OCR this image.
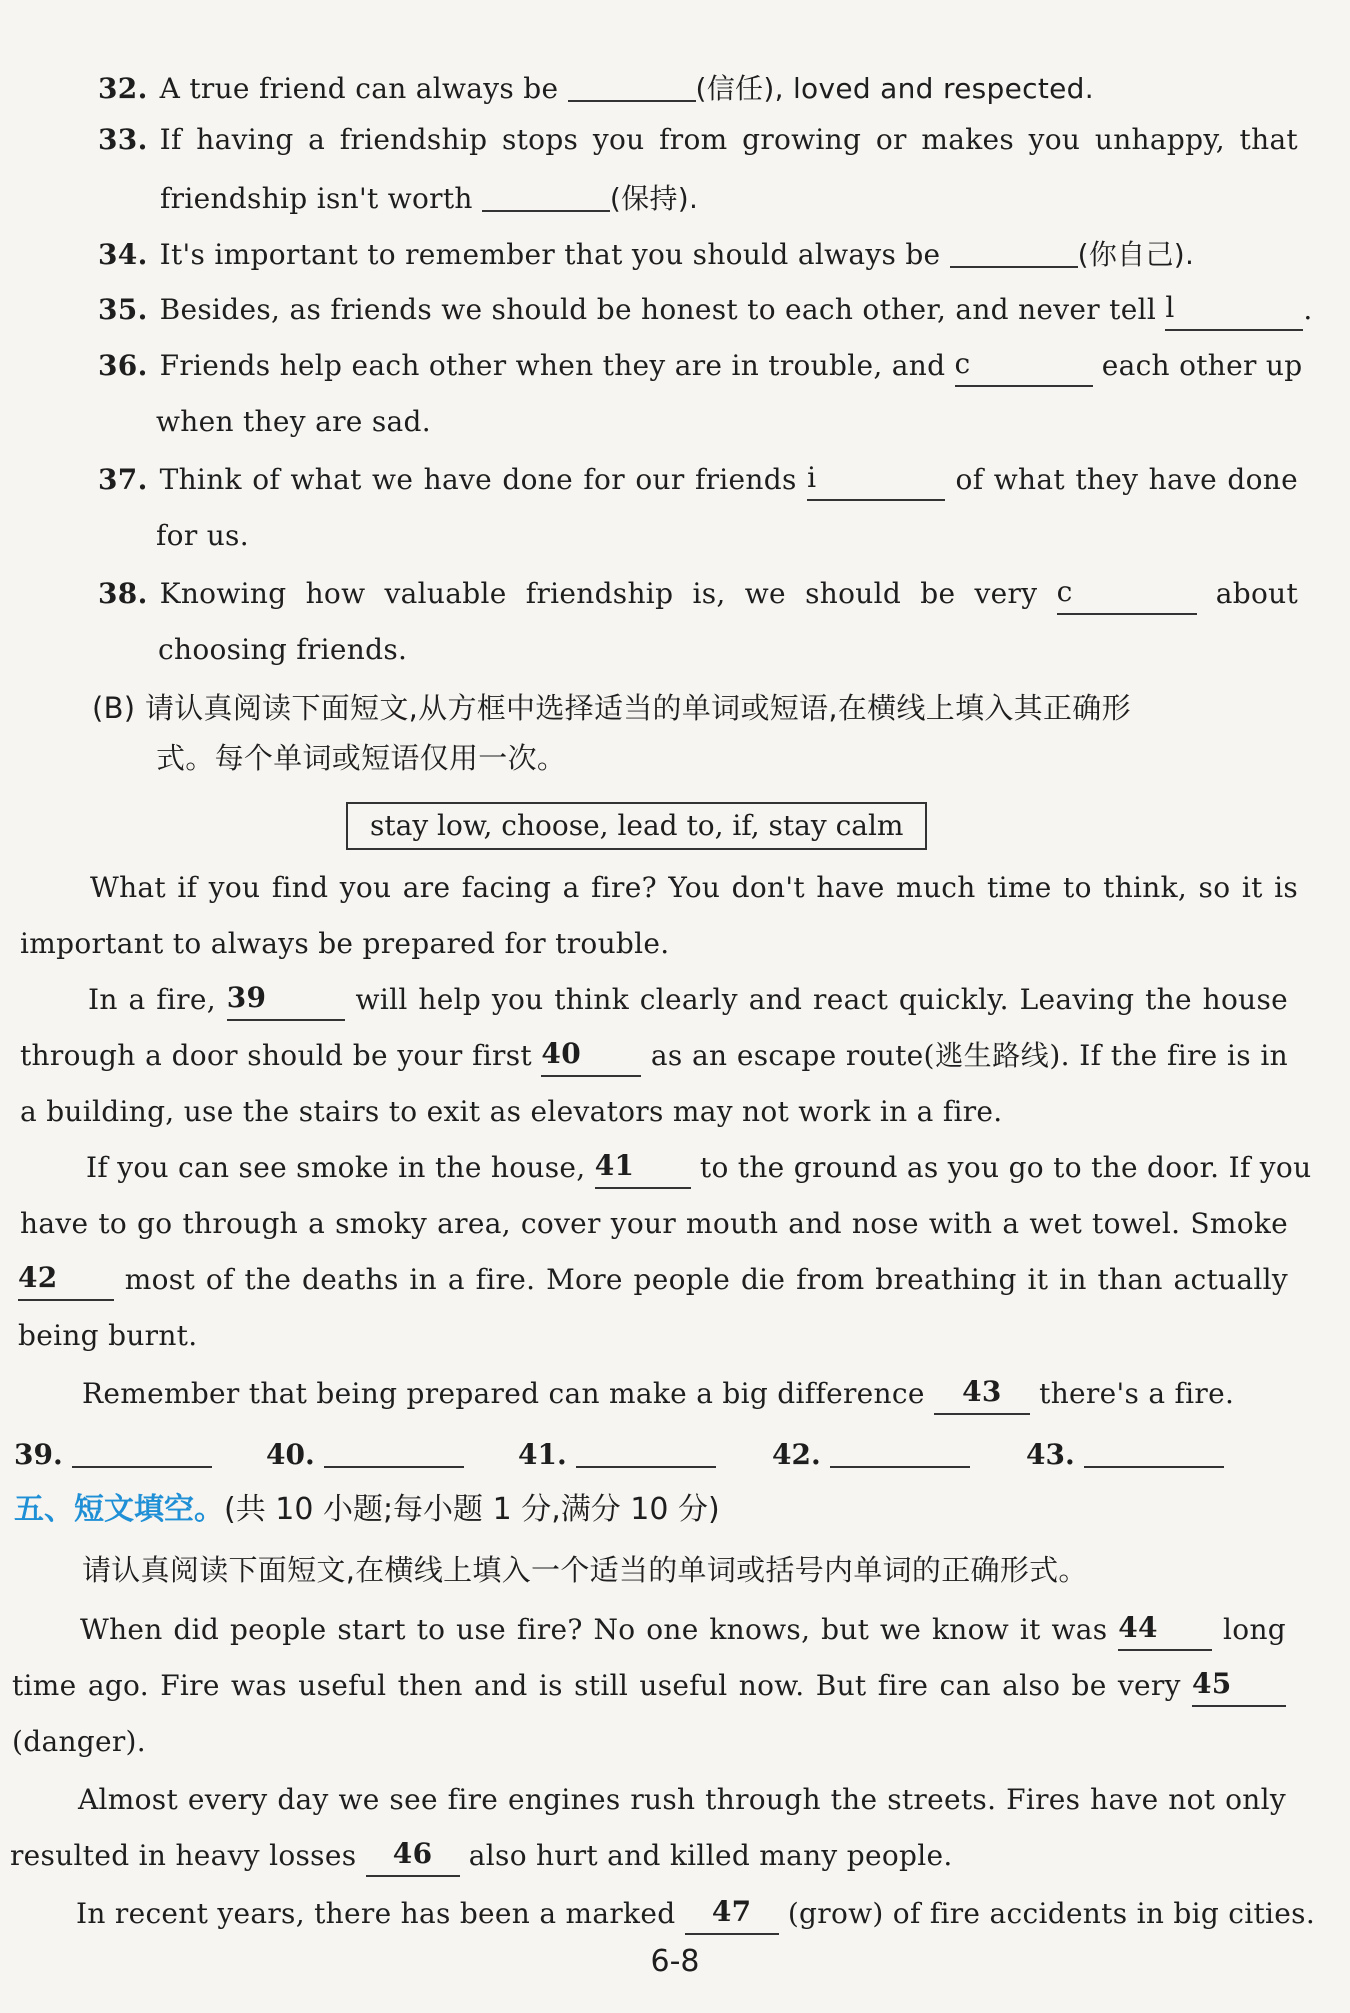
32. A true friend can always be	(信任), loved and respected.
33. If having a friendship stops you from growing or makes you unhappy, that
friendship isn't worth	(保持).
34. It's important to remember that you should always be	(你自己).
35. Besides, as friends we should be honest to each other, and never tell l	.
36. Friends help each other when they are in trouble, and c	each other up
when they are sad.
37. Think of what we have done for our friends i	of what they have done
for us.
38. Knowing how valuable friendship is, we should be very c	about
choosing friends.
(B) 请认真阅读下面短文,从方框中选择适当的单词或短语,在横线上填入其正确形
式。每个单词或短语仅用一次。
stay low, choose, lead to, if, stay calm
What if you find you are facing a fire? You don't have much time to think, so it is
important to always be prepared for trouble.
In a fire, 39	will help you think clearly and react quickly. Leaving the house
through a door should be your first 40 as an escape route(逃生路线). If the fire is in
a building, use the stairs to exit as elevators may not work in a fire.
If you can see smoke in the house, 41 to the ground as you go to the door. If you
have to go through a smoky area, cover your mouth and nose with a wet towel. Smoke
42 most of the deaths in a fire. More people die from breathing it in than actually
being burnt.
Remember that being prepared can make a big difference 43 there's a fire.
39.	40.	41.	42.	43.
五、短文填空。(共 10 小题;每小题 1 分,满分 10 分)
请认真阅读下面短文,在横线上填入一个适当的单词或括号内单词的正确形式。
When did people start to use fire? No one knows, but we know it was 44 long
time ago. Fire was useful then and is still useful now. But fire can also be very 45
(danger).
Almost every day we see fire engines rush through the streets. Fires have not only
resulted in heavy losses 46 also hurt and killed many people.
In recent years, there has been a marked 47 (grow) of fire accidents in big cities.
6-8
